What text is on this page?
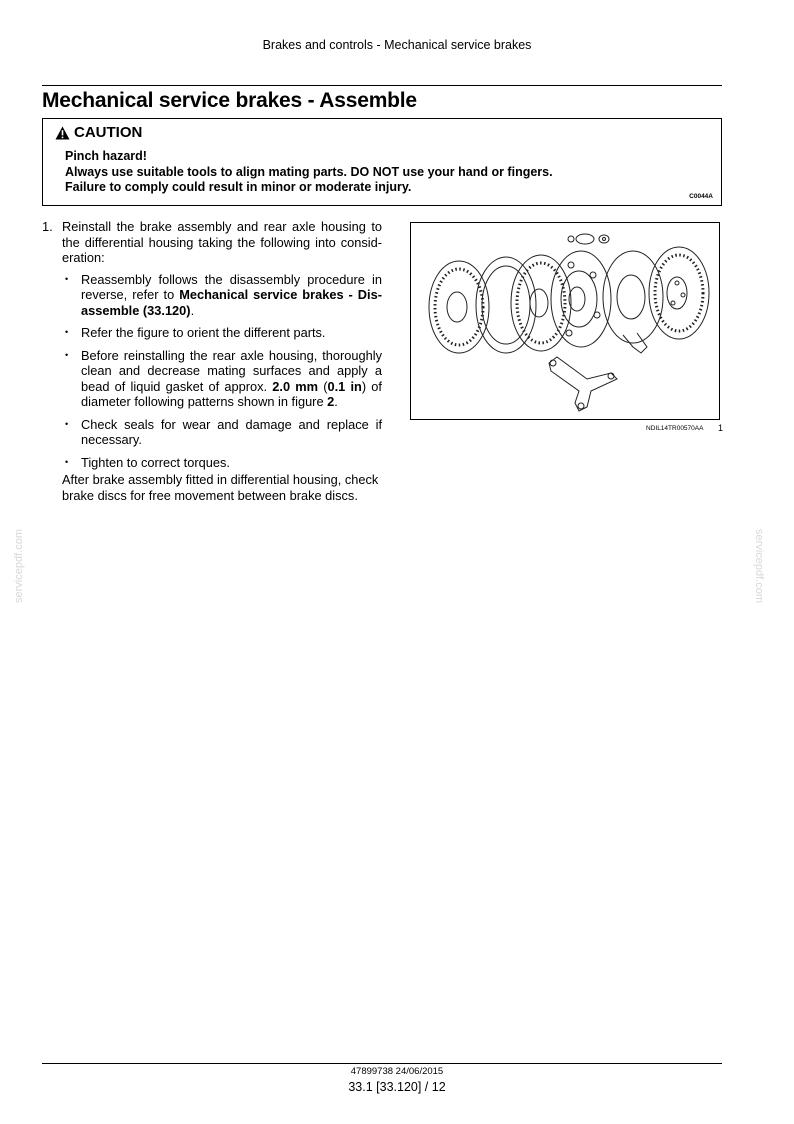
Brakes and controls - Mechanical service brakes
Mechanical service brakes - Assemble
CAUTION
Pinch hazard!
Always use suitable tools to align mating parts. DO NOT use your hand or fingers.
Failure to comply could result in minor or moderate injury.
C0044A
1. Reinstall the brake assembly and rear axle housing to the differential housing taking the following into consid-eration:
•	Reassembly follows the disassembly procedure in reverse, refer to Mechanical service brakes - Dis-assemble (33.120).
•	Refer the figure to orient the different parts.
•	Before reinstalling the rear axle housing, thoroughly clean and decrease mating surfaces and apply a bead of liquid gasket of approx. 2.0 mm (0.1 in) of diameter following patterns shown in figure 2.
•	Check seals for wear and damage and replace if necessary.
•	Tighten to correct torques.
After brake assembly fitted in differential housing, check brake discs for free movement between brake discs.
NDIL14TR00570AA 1
servicepdf.com	servicepdf.com
47899738 24/06/2015
33.1 [33.120] / 12
